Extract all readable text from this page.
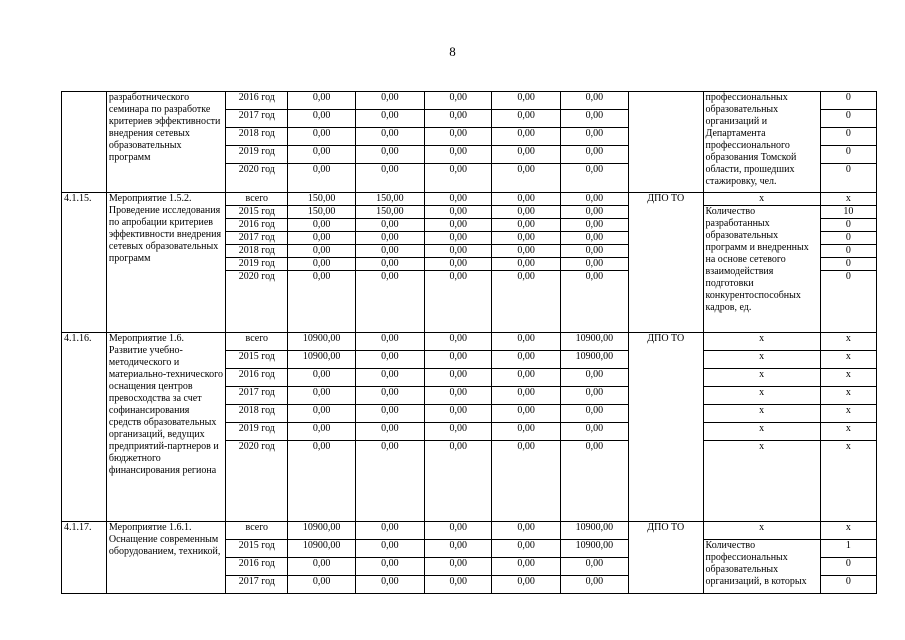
8
	разработнического семинара по разработке критериев эффективности внедрения сетевых образовательных программ	2016 год	0,00	0,00	0,00	0,00	0,00		профессиональных образовательных организаций и Департамента профессионального образования Томской области, прошедших стажировку, чел.	0
		2017 год	0,00	0,00	0,00	0,00	0,00			0
		2018 год	0,00	0,00	0,00	0,00	0,00			0
		2019 год	0,00	0,00	0,00	0,00	0,00			0
		2020 год	0,00	0,00	0,00	0,00	0,00			0
4.1.15.	Мероприятие 1.5.2. Проведение исследования по апробации критериев эффективности внедрения сетевых образовательных программ	всего	150,00	150,00	0,00	0,00	0,00	ДПО ТО	x	x
		2015 год	150,00	150,00	0,00	0,00	0,00		Количество разработанных образовательных программ и внедренных на основе сетевого взаимодействия подготовки конкурентоспособных кадров, ед.	10
		2016 год	0,00	0,00	0,00	0,00	0,00			0
		2017 год	0,00	0,00	0,00	0,00	0,00			0
		2018 год	0,00	0,00	0,00	0,00	0,00			0
		2019 год	0,00	0,00	0,00	0,00	0,00			0
		2020 год	0,00	0,00	0,00	0,00	0,00			0
4.1.16.	Мероприятие 1.6. Развитие учебно-методического и материально-технического оснащения центров превосходства за счет софинансирования средств образовательных организаций, ведущих предприятий-партнеров и бюджетного финансирования региона	всего	10900,00	0,00	0,00	0,00	10900,00	ДПО ТО	x	x
		2015 год	10900,00	0,00	0,00	0,00	10900,00		x	x
		2016 год	0,00	0,00	0,00	0,00	0,00		x	x
		2017 год	0,00	0,00	0,00	0,00	0,00		x	x
		2018 год	0,00	0,00	0,00	0,00	0,00		x	x
		2019 год	0,00	0,00	0,00	0,00	0,00		x	x
		2020 год	0,00	0,00	0,00	0,00	0,00		x	x
4.1.17.	Мероприятие 1.6.1. Оснащение современным оборудованием, техникой,	всего	10900,00	0,00	0,00	0,00	10900,00	ДПО ТО	x	x
		2015 год	10900,00	0,00	0,00	0,00	10900,00		Количество профессиональных образовательных организаций, в которых	1
		2016 год	0,00	0,00	0,00	0,00	0,00			0
		2017 год	0,00	0,00	0,00	0,00	0,00			0
